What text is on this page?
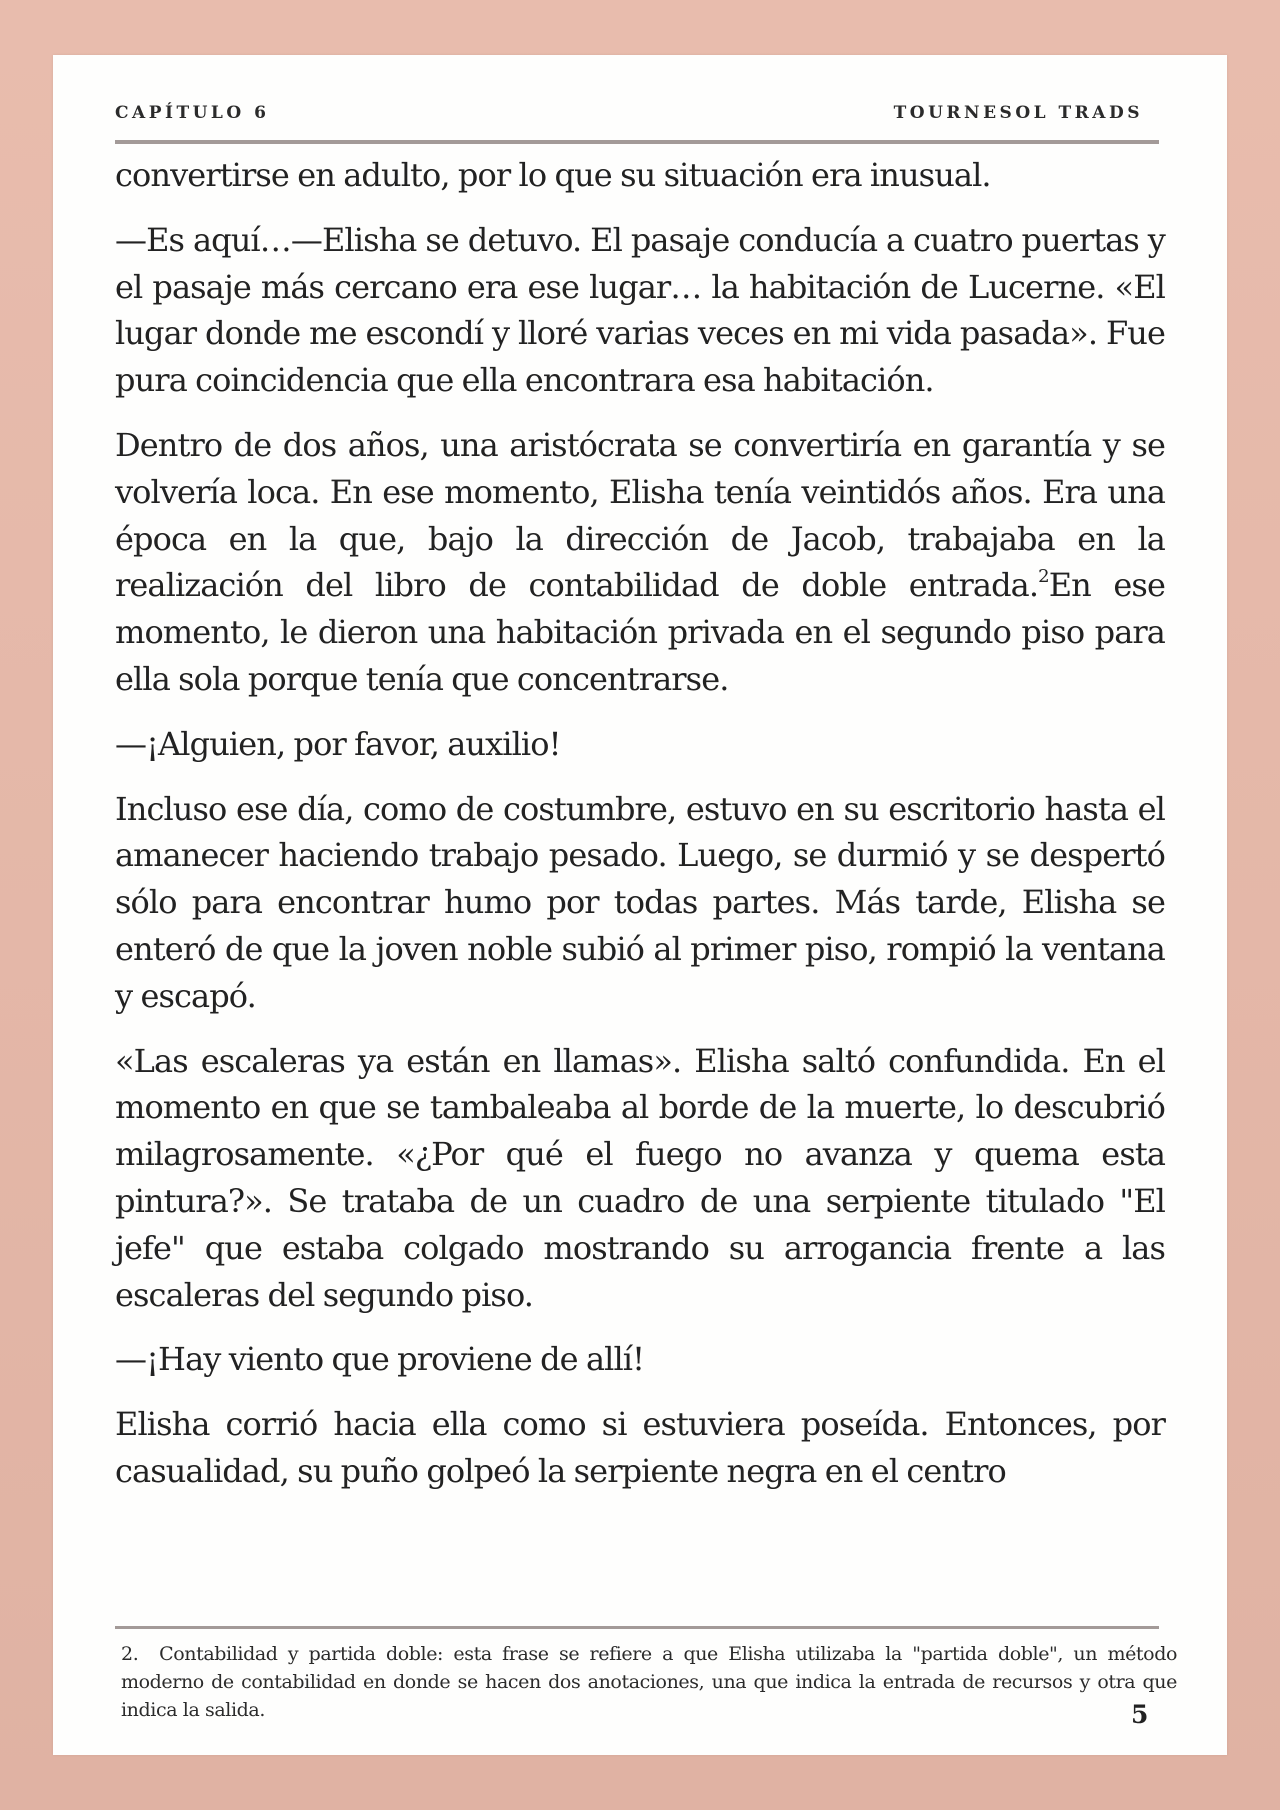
CAPÍTULO 6	TOURNESOL TRADS

convertirse en adulto, por lo que su situación era inusual.

—Es aquí…—Elisha se detuvo. El pasaje conducía a cuatro puertas y el pasaje más cercano era ese lugar… la habitación de Lucerne. «El lugar donde me escondí y lloré varias veces en mi vida pasada». Fue pura coincidencia que ella encontrara esa habitación.

Dentro de dos años, una aristócrata se convertiría en garantía y se volvería loca. En ese momento, Elisha tenía veintidós años. Era una época en la que, bajo la dirección de Jacob, trabajaba en la realización del libro de contabilidad de doble entrada.$^2$En ese momento, le dieron una habitación privada en el segundo piso para ella sola porque tenía que concentrarse.

—¡Alguien, por favor, auxilio!

Incluso ese día, como de costumbre, estuvo en su escritorio hasta el amanecer haciendo trabajo pesado. Luego, se durmió y se despertó sólo para encontrar humo por todas partes. Más tarde, Elisha se enteró de que la joven noble subió al primer piso, rompió la ventana y escapó.

«Las escaleras ya están en llamas». Elisha saltó confundida. En el momento en que se tambaleaba al borde de la muerte, lo descubrió milagrosamente. «¿Por qué el fuego no avanza y quema esta pintura?». Se trataba de un cuadro de una serpiente titulado "El jefe" que estaba colgado mostrando su arrogancia frente a las escaleras del segundo piso.

—¡Hay viento que proviene de allí!

Elisha corrió hacia ella como si estuviera poseída. Entonces, por casualidad, su puño golpeó la serpiente negra en el centro

2. Contabilidad y partida doble: esta frase se refiere a que Elisha utilizaba la "partida doble", un método moderno de contabilidad en donde se hacen dos anotaciones, una que indica la entrada de recursos y otra que indica la salida.	5
